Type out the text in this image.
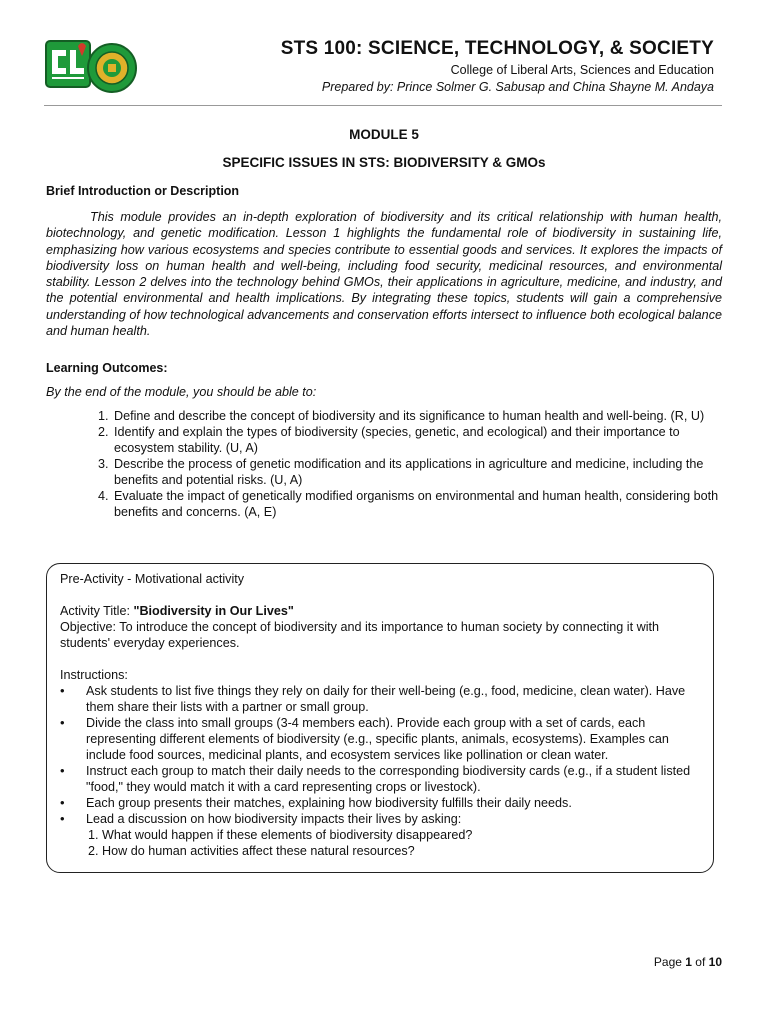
STS 100: SCIENCE, TECHNOLOGY, & SOCIETY
College of Liberal Arts, Sciences and Education
Prepared by: Prince Solmer G. Sabusap and China Shayne M. Andaya
MODULE 5
SPECIFIC ISSUES IN STS: BIODIVERSITY & GMOs
Brief Introduction or Description

This module provides an in-depth exploration of biodiversity and its critical relationship with human health, biotechnology, and genetic modification. Lesson 1 highlights the fundamental role of biodiversity in sustaining life, emphasizing how various ecosystems and species contribute to essential goods and services. It explores the impacts of biodiversity loss on human health and well-being, including food security, medicinal resources, and environmental stability. Lesson 2 delves into the technology behind GMOs, their applications in agriculture, medicine, and industry, and the potential environmental and health implications. By integrating these topics, students will gain a comprehensive understanding of how technological advancements and conservation efforts intersect to influence both ecological balance and human health.

Learning Outcomes:
By the end of the module, you should be able to:
1. Define and describe the concept of biodiversity and its significance to human health and well-being. (R, U)
2. Identify and explain the types of biodiversity (species, genetic, and ecological) and their importance to ecosystem stability. (U, A)
3. Describe the process of genetic modification and its applications in agriculture and medicine, including the benefits and potential risks. (U, A)
4. Evaluate the impact of genetically modified organisms on environmental and human health, considering both benefits and concerns. (A, E)

Pre-Activity - Motivational activity

Activity Title: "Biodiversity in Our Lives"

Objective: To introduce the concept of biodiversity and its importance to human society by connecting it with students' everyday experiences.

Instructions:

• Ask students to list five things they rely on daily for their well-being (e.g., food, medicine, clean water). Have them share their lists with a partner or small group.
• Divide the class into small groups (3-4 members each). Provide each group with a set of cards, each representing different elements of biodiversity (e.g., specific plants, animals, ecosystems). Examples can include food sources, medicinal plants, and ecosystem services like pollination or clean water.
• Instruct each group to match their daily needs to the corresponding biodiversity cards (e.g., if a student listed "food," they would match it with a card representing crops or livestock).
• Each group presents their matches, explaining how biodiversity fulfills their daily needs.
• Lead a discussion on how biodiversity impacts their lives by asking:
1. What would happen if these elements of biodiversity disappeared?
2. How do human activities affect these natural resources?
Page 1 of 10
